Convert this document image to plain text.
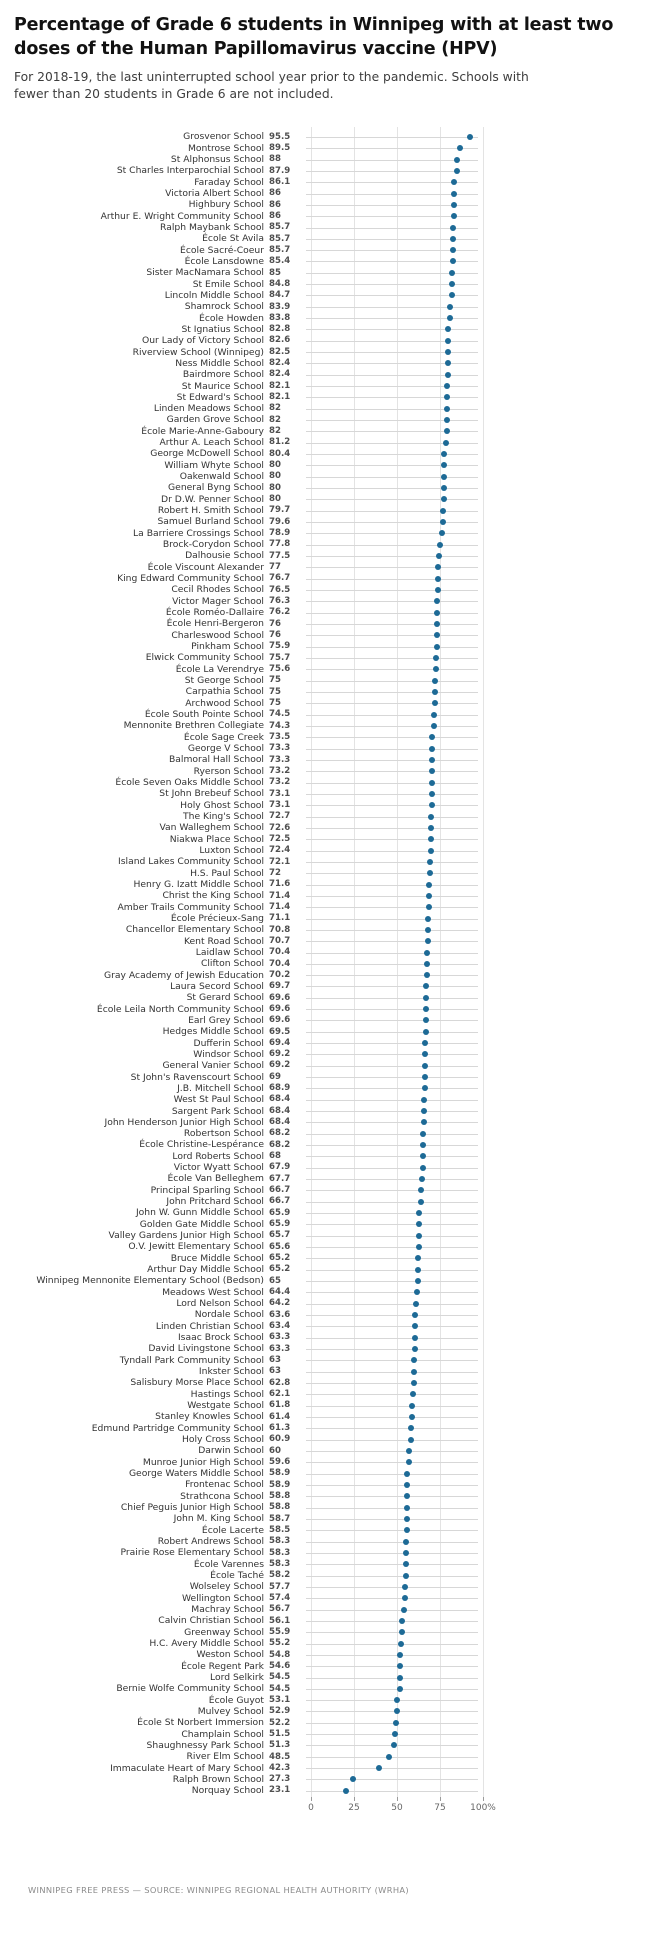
Percentage of Grade 6 students in Winnipeg with at least two doses of the Human Papillomavirus vaccine (HPV)

For 2018-19, the last uninterrupted school year prior to the pandemic. Schools with fewer than 20 students in Grade 6 are not included.

Grosvenor School 95.5
Montrose School 89.5
St Alphonsus School 88
St Charles Interparochial School 87.9
Faraday School 86.1
Victoria Albert School 86
Highbury School 86
Arthur E. Wright Community School 86
Ralph Maybank School 85.7
École St Avila 85.7
École Sacré-Coeur 85.7
École Lansdowne 85.4
Sister MacNamara School 85
St Emile School 84.8
Lincoln Middle School 84.7
Shamrock School 83.9
École Howden 83.8
St Ignatius School 82.8
Our Lady of Victory School 82.6
Riverview School (Winnipeg) 82.5
Ness Middle School 82.4
Bairdmore School 82.4
St Maurice School 82.1
St Edward's School 82.1
Linden Meadows School 82
Garden Grove School 82
École Marie-Anne-Gaboury 82
Arthur A. Leach School 81.2
George McDowell School 80.4
William Whyte School 80
Oakenwald School 80
General Byng School 80
Dr D.W. Penner School 80
Robert H. Smith School 79.7
Samuel Burland School 79.6
La Barriere Crossings School 78.9
Brock-Corydon School 77.8
Dalhousie School 77.5
École Viscount Alexander 77
King Edward Community School 76.7
Cecil Rhodes School 76.5
Victor Mager School 76.3
École Roméo-Dallaire 76.2
École Henri-Bergeron 76
Charleswood School 76
Pinkham School 75.9
Elwick Community School 75.7
École La Verendrye 75.6
St George School 75
Carpathia School 75
Archwood School 75
École South Pointe School 74.5
Mennonite Brethren Collegiate 74.3
École Sage Creek 73.5
George V School 73.3
Balmoral Hall School 73.3
Ryerson School 73.2
École Seven Oaks Middle School 73.2
St John Brebeuf School 73.1
Holy Ghost School 73.1
The King's School 72.7
Van Walleghem School 72.6
Niakwa Place School 72.5
Luxton School 72.4
Island Lakes Community School 72.1
H.S. Paul School 72
Henry G. Izatt Middle School 71.6
Christ the King School 71.4
Amber Trails Community School 71.4
École Précieux-Sang 71.1
Chancellor Elementary School 70.8
Kent Road School 70.7
Laidlaw School 70.4
Clifton School 70.4
Gray Academy of Jewish Education 70.2
Laura Secord School 69.7
St Gerard School 69.6
École Leila North Community School 69.6
Earl Grey School 69.6
Hedges Middle School 69.5
Dufferin School 69.4
Windsor School 69.2
General Vanier School 69.2
St John's Ravenscourt School 69
J.B. Mitchell School 68.9
West St Paul School 68.4
Sargent Park School 68.4
John Henderson Junior High School 68.4
Robertson School 68.2
École Christine-Lespérance 68.2
Lord Roberts School 68
Victor Wyatt School 67.9
École Van Belleghem 67.7
Principal Sparling School 66.7
John Pritchard School 66.7
John W. Gunn Middle School 65.9
Golden Gate Middle School 65.9
Valley Gardens Junior High School 65.7
O.V. Jewitt Elementary School 65.6
Bruce Middle School 65.2
Arthur Day Middle School 65.2
Winnipeg Mennonite Elementary School (Bedson) 65
Meadows West School 64.4
Lord Nelson School 64.2
Nordale School 63.6
Linden Christian School 63.4
Isaac Brock School 63.3
David Livingstone School 63.3
Tyndall Park Community School 63
Inkster School 63
Salisbury Morse Place School 62.8
Hastings School 62.1
Westgate School 61.8
Stanley Knowles School 61.4
Edmund Partridge Community School 61.3
Holy Cross School 60.9
Darwin School 60
Munroe Junior High School 59.6
George Waters Middle School 58.9
Frontenac School 58.9
Strathcona School 58.8
Chief Peguis Junior High School 58.8
John M. King School 58.7
École Lacerte 58.5
Robert Andrews School 58.3
Prairie Rose Elementary School 58.3
École Varennes 58.3
École Taché 58.2
Wolseley School 57.7
Wellington School 57.4
Machray School 56.7
Calvin Christian School 56.1
Greenway School 55.9
H.C. Avery Middle School 55.2
Weston School 54.8
École Regent Park 54.6
Lord Selkirk 54.5
Bernie Wolfe Community School 54.5
École Guyot 53.1
Mulvey School 52.9
École St Norbert Immersion 52.2
Champlain School 51.5
Shaughnessy Park School 51.3
River Elm School 48.5
Immaculate Heart of Mary School 42.3
Ralph Brown School 27.3
Norquay School 23.1
0	25	50	75	100%
WINNIPEG FREE PRESS — SOURCE: WINNIPEG REGIONAL HEALTH AUTHORITY (WRHA)
